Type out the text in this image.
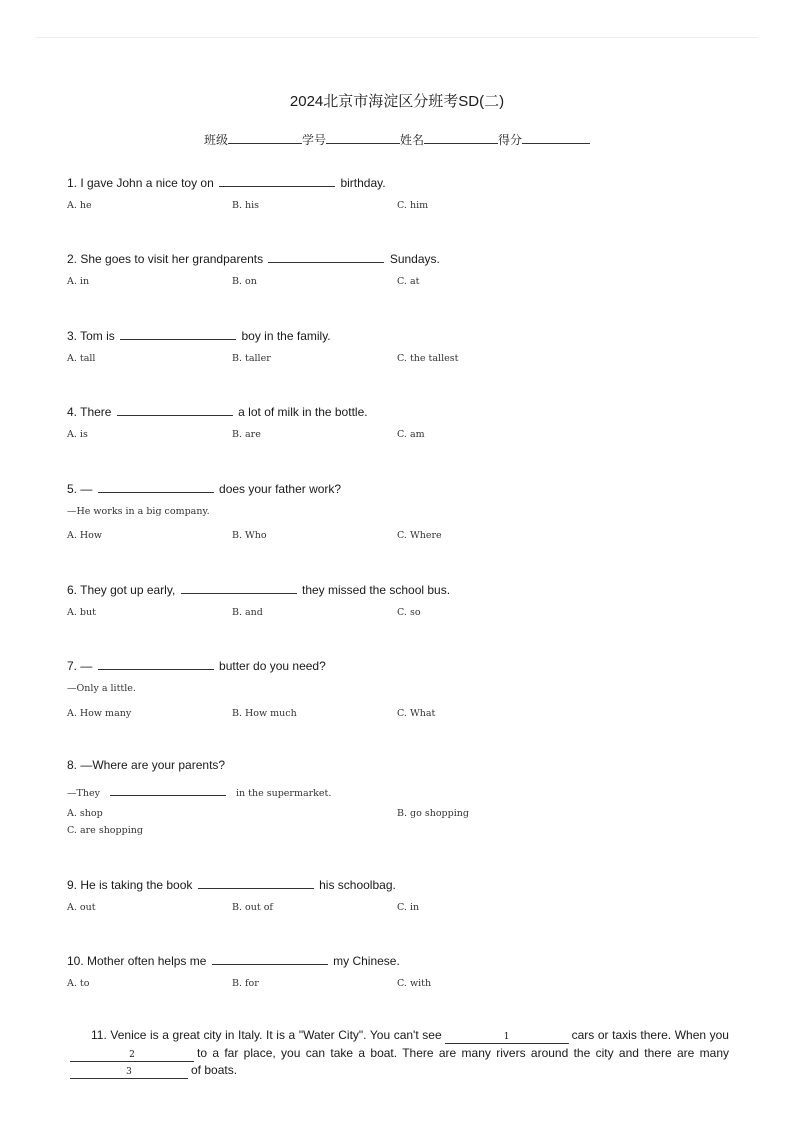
2024北京市海淀区分班考SD(二)
班级	学号	姓名	得分
1. I gave John a nice toy on	birthday.
A. he	B. his	C. him
2. She goes to visit her grandparents	Sundays.
A. in	B. on	C. at
3. Tom is	boy in the family.
A. tall	B. taller	C. the tallest
4. There	a lot of milk in the bottle.
A. is	B. are	C. am
5. —	does your father work?
—He works in a big company.
A. How	B. Who	C. Where
6. They got up early,	they missed the school bus.
A. but	B. and	C. so
7. —	butter do you need?
—Only a little.
A. How many	B. How much	C. What
8. —Where are your parents?
—They	in the supermarket.
A. shop	B. go shopping
C. are shopping
9. He is taking the book	his schoolbag.
A. out	B. out of	C. in
10. Mother often helps me	my Chinese.
A. to	B. for	C. with
11. Venice is a great city in Italy. It is a "Water City". You can't see	1	cars or taxis there. When you2	to a far place, you can take a boat. There are many rivers around the city and there are many3	of boats.
